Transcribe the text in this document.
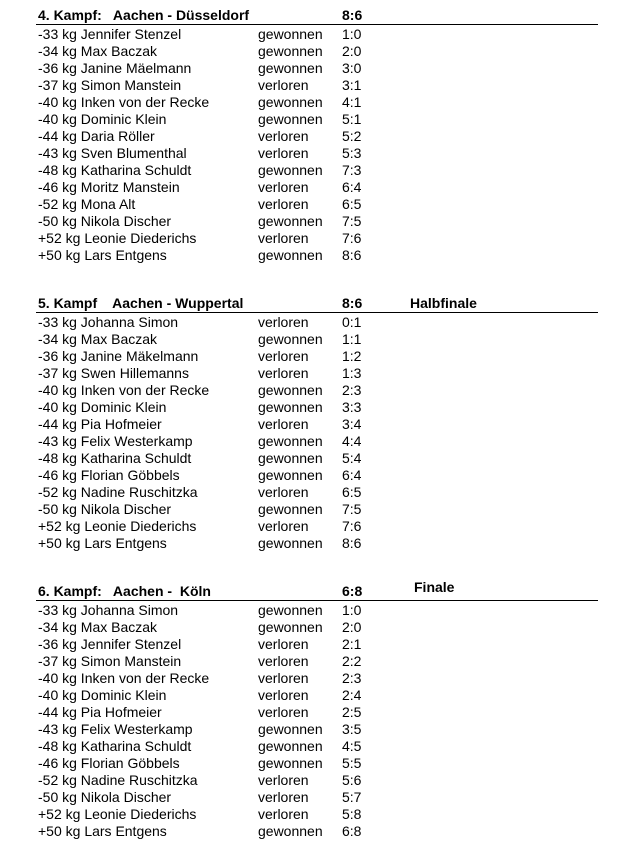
4. Kampf:   Aachen - Düsseldorf	8:6
-33 kg Jennifer Stenzel	gewonnen 1:0
-34 kg Max Baczak	gewonnen 2:0
-36 kg Janine Mäelmann	gewonnen 3:0
-37 kg Simon Manstein	verloren 3:1
-40 kg Inken von der Recke	gewonnen 4:1
-40 kg Dominic Klein	gewonnen 5:1
-44 kg Daria Röller	verloren 5:2
-43 kg Sven Blumenthal	verloren 5:3
-48 kg Katharina Schuldt	gewonnen 7:3
-46 kg Moritz Manstein	verloren 6:4
-52 kg Mona Alt	verloren 6:5
-50 kg Nikola Discher	gewonnen 7:5
+52 kg Leonie Diederichs	verloren 7:6
+50 kg Lars Entgens	gewonnen 8:6
5. Kampf    Aachen - Wuppertal	8:6	Halbfinale
-33 kg Johanna Simon	verloren 0:1
-34 kg Max Baczak	gewonnen 1:1
-36 kg Janine Mäkelmann	verloren 1:2
-37 kg Swen Hillemanns	verloren 1:3
-40 kg Inken von der Recke	gewonnen 2:3
-40 kg Dominic Klein	gewonnen 3:3
-44 kg Pia Hofmeier	verloren 3:4
-43 kg Felix Westerkamp	gewonnen 4:4
-48 kg Katharina Schuldt	gewonnen 5:4
-46 kg Florian Göbbels	gewonnen 6:4
-52 kg Nadine Ruschitzka	verloren 6:5
-50 kg Nikola Discher	gewonnen 7:5
+52 kg Leonie Diederichs	verloren 7:6
+50 kg Lars Entgens	gewonnen 8:6
6. Kampf:   Aachen -  Köln	6:8	Finale
-33 kg Johanna Simon	gewonnen 1:0
-34 kg Max Baczak	gewonnen 2:0
-36 kg Jennifer Stenzel	verloren 2:1
-37 kg Simon Manstein	verloren 2:2
-40 kg Inken von der Recke	verloren 2:3
-40 kg Dominic Klein	verloren 2:4
-44 kg Pia Hofmeier	verloren 2:5
-43 kg Felix Westerkamp	gewonnen 3:5
-48 kg Katharina Schuldt	gewonnen 4:5
-46 kg Florian Göbbels	gewonnen 5:5
-52 kg Nadine Ruschitzka	verloren 5:6
-50 kg Nikola Discher	verloren 5:7
+52 kg Leonie Diederichs	verloren 5:8
+50 kg Lars Entgens	gewonnen 6:8
